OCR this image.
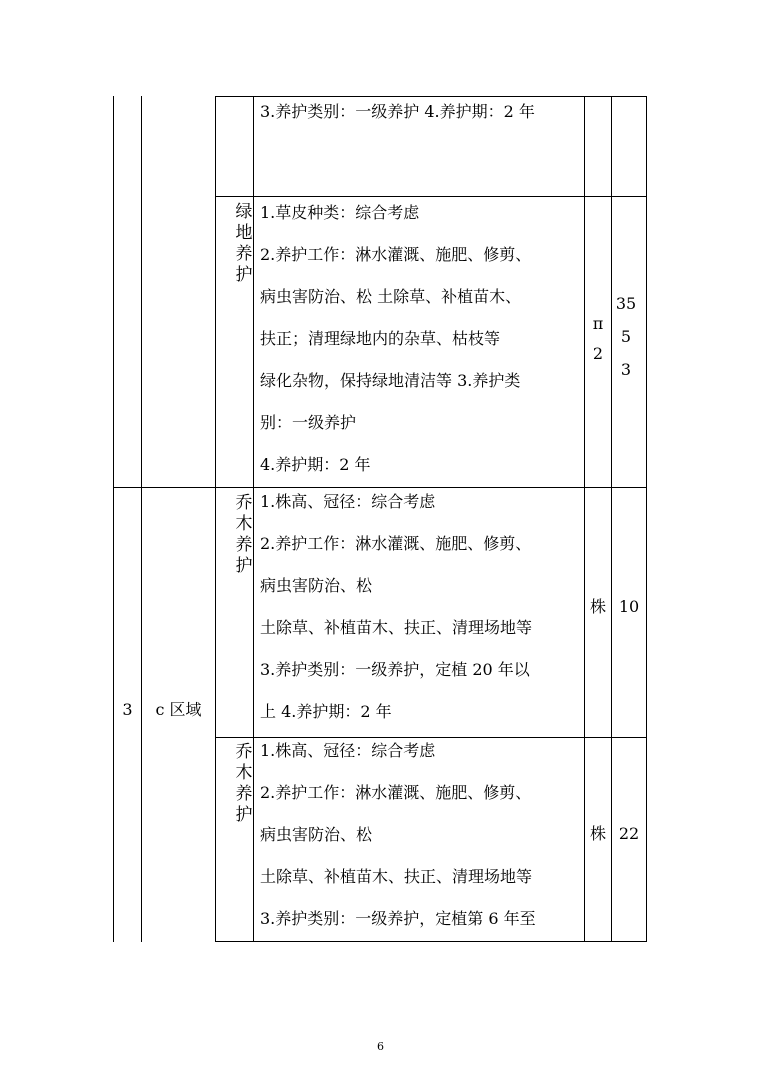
3.养护类别：一级养护 4.养护期：2 年
绿
地
养
护
1.草皮种类：综合考虑
2.养护工作：淋水灌溉、施肥、修剪、
病虫害防治、松 土除草、补植苗木、
扶正；清理绿地内的杂草、枯枝等
绿化杂物，保持绿地清洁等 3.养护类
别：一级养护
4.养护期：2 年
π
2
35
5
3
3	c 区域
乔
木
养
护
1.株高、冠径：综合考虑
2.养护工作：淋水灌溉、施肥、修剪、
病虫害防治、松
土除草、补植苗木、扶正、清理场地等
3.养护类别：一级养护，定植 20 年以
上 4.养护期：2 年
株 10
乔
木
养
护
1.株高、冠径：综合考虑
2.养护工作：淋水灌溉、施肥、修剪、
病虫害防治、松
土除草、补植苗木、扶正、清理场地等
3.养护类别：一级养护，定植第 6 年至
株 22
6
